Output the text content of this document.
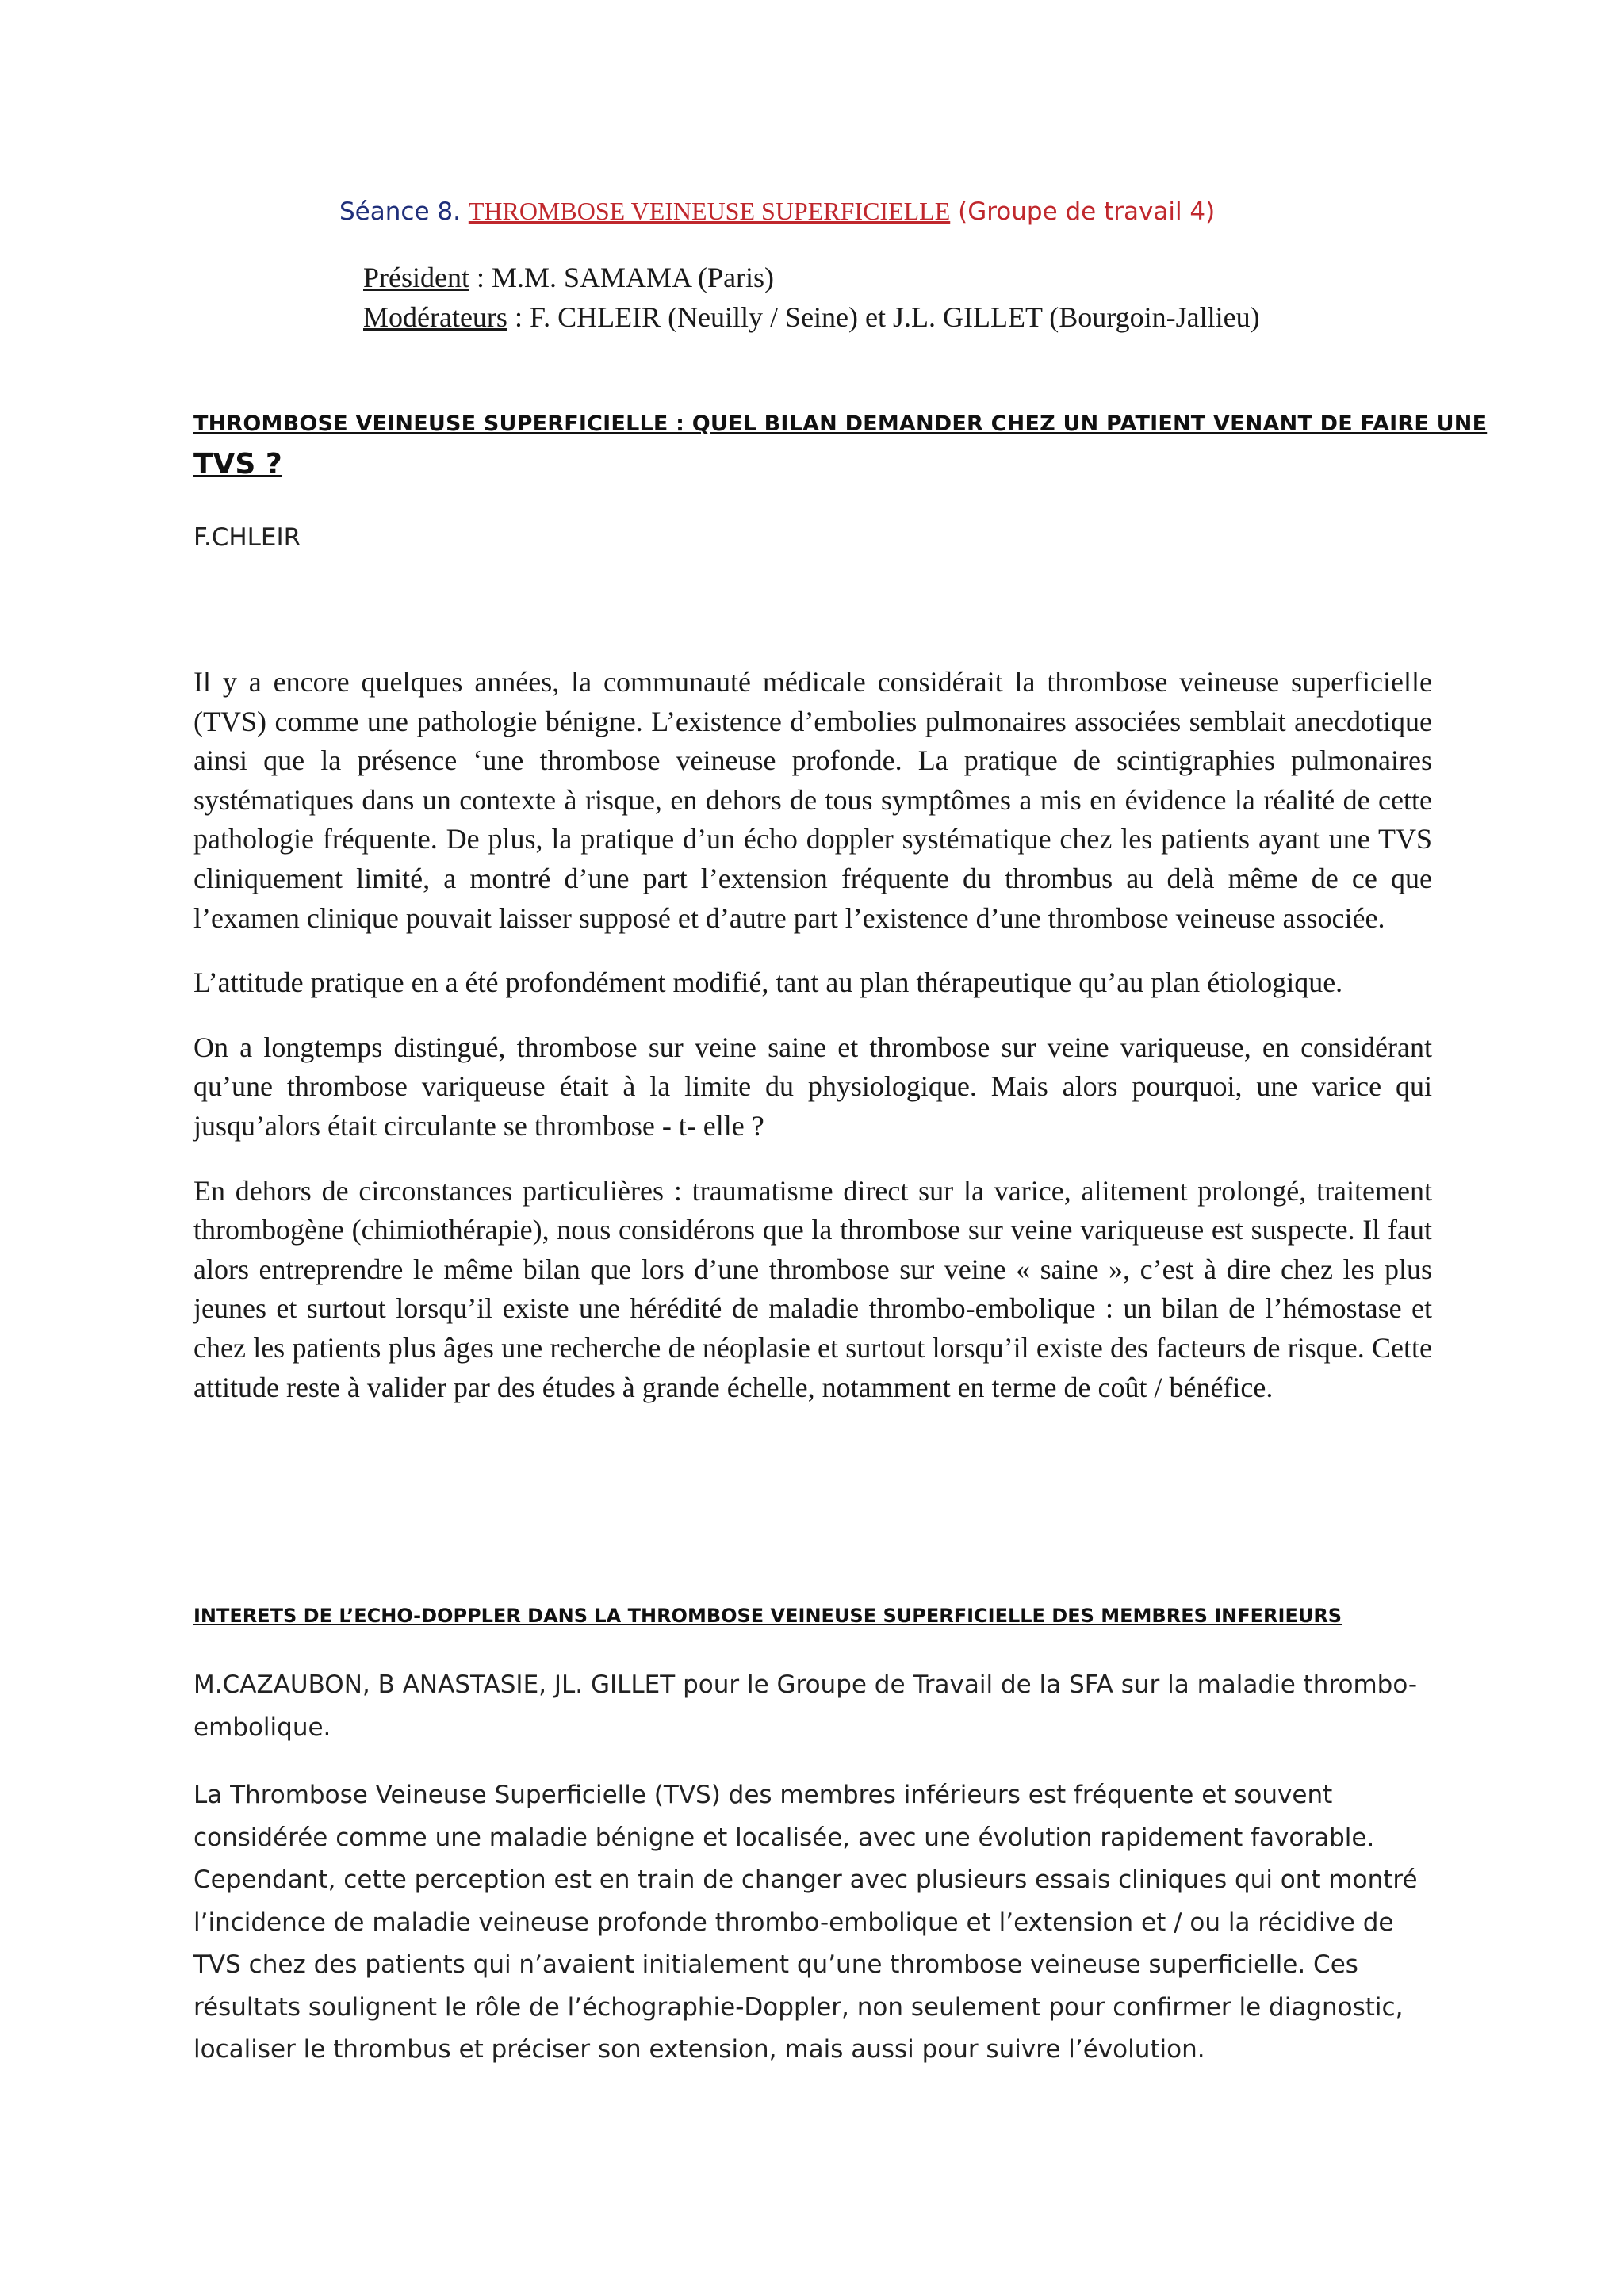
Séance 8. THROMBOSE VEINEUSE SUPERFICIELLE (Groupe de travail 4)
Président : M.M. SAMAMA (Paris)
Modérateurs : F. CHLEIR (Neuilly / Seine) et J.L. GILLET (Bourgoin-Jallieu)
THROMBOSE VEINEUSE SUPERFICIELLE : QUEL BILAN DEMANDER CHEZ UN PATIENT VENANT DE FAIRE UNE
TVS ?
F.CHLEIR

Il y a encore quelques années, la communauté médicale considérait la thrombose veineuse superficielle (TVS) comme une pathologie bénigne. L’existence d’embolies pulmonaires associées semblait anecdotique ainsi que la présence ‘une thrombose veineuse profonde. La pratique de scintigraphies pulmonaires systématiques dans un contexte à risque, en dehors de tous symptômes a mis en évidence la réalité de cette pathologie fréquente. De plus, la pratique d’un écho doppler systématique chez les patients ayant une TVS cliniquement limité, a montré d’une part l’extension fréquente du thrombus au delà même de ce que l’examen clinique pouvait laisser supposé et d’autre part l’existence d’une thrombose veineuse associée.

L’attitude pratique en a été profondément modifié, tant au plan thérapeutique qu’au plan étiologique.

On a longtemps distingué, thrombose sur veine saine et thrombose sur veine variqueuse, en considérant qu’une thrombose variqueuse était à la limite du physiologique. Mais alors pourquoi, une varice qui jusqu’alors était circulante se thrombose - t- elle ?

En dehors de circonstances particulières : traumatisme direct sur la varice, alitement prolongé, traitement thrombogène (chimiothérapie), nous considérons que la thrombose sur veine variqueuse est suspecte. Il faut alors entreprendre le même bilan que lors d’une thrombose sur veine « saine », c’est à dire chez les plus jeunes et surtout lorsqu’il existe une hérédité de maladie thrombo-embolique : un bilan de l’hémostase et chez les patients plus âges une recherche de néoplasie et surtout lorsqu’il existe des facteurs de risque. Cette attitude reste à valider par des études à grande échelle, notamment en terme de coût / bénéfice.

INTERETS DE L’ECHO-DOPPLER DANS LA THROMBOSE VEINEUSE SUPERFICIELLE DES MEMBRES INFERIEURS
M.CAZAUBON, B ANASTASIE, JL. GILLET pour le Groupe de Travail de la SFA sur la maladie thrombo-embolique.

La Thrombose Veineuse Superficielle (TVS) des membres inférieurs est fréquente et souvent considérée comme une maladie bénigne et localisée, avec une évolution rapidement favorable. Cependant, cette perception est en train de changer avec plusieurs essais cliniques qui ont montré l’incidence de maladie veineuse profonde thrombo-embolique et l’extension et / ou la récidive de TVS chez des patients qui n’avaient initialement qu’une thrombose veineuse superficielle. Ces résultats soulignent le rôle de l’échographie-Doppler, non seulement pour confirmer le diagnostic, localiser le thrombus et préciser son extension, mais aussi pour suivre l’évolution.
